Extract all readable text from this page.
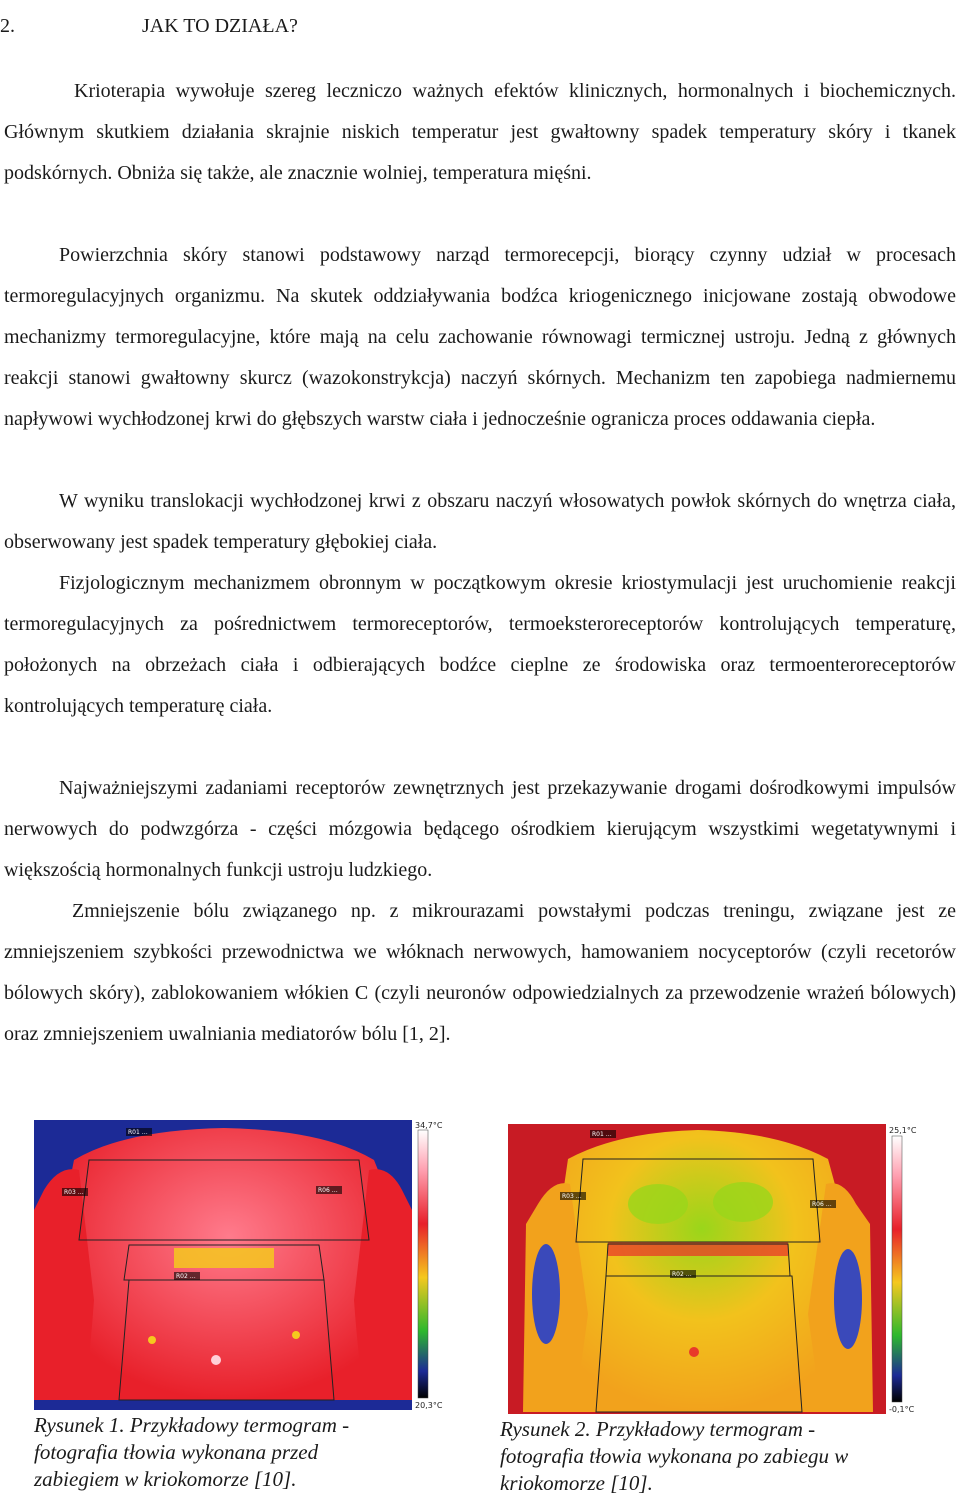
2.	JAK TO DZIAŁA?

Krioterapia wywołuje szereg leczniczo ważnych efektów klinicznych, hormonalnych i biochemicznych. Głównym skutkiem działania skrajnie niskich temperatur jest gwałtowny spadek temperatury skóry i tkanek podskórnych. Obniża się także, ale znacznie wolniej, temperatura mięśni.

Powierzchnia skóry stanowi podstawowy narząd termorecepcji, biorący czynny udział w procesach termoregulacyjnych organizmu. Na skutek oddziaływania bodźca kriogenicznego inicjowane zostają obwodowe mechanizmy termoregulacyjne, które mają na celu zachowanie równowagi termicznej ustroju. Jedną z głównych reakcji stanowi gwałtowny skurcz (wazokonstrykcja) naczyń skórnych. Mechanizm ten zapobiega nadmiernemu napływowi wychłodzonej krwi do głębszych warstw ciała i jednocześnie ogranicza proces oddawania ciepła.

W wyniku translokacji wychłodzonej krwi z obszaru naczyń włosowatych powłok skórnych do wnętrza ciała, obserwowany jest spadek temperatury głębokiej ciała.

Fizjologicznym mechanizmem obronnym w początkowym okresie kriostymulacji jest uruchomienie reakcji termoregulacyjnych za pośrednictwem termoreceptorów, termoeksteroreceptorów kontrolujących temperaturę, położonych na obrzeżach ciała i odbierających bodźce cieplne ze środowiska oraz termoenteroreceptorów kontrolujących temperaturę ciała.

Najważniejszymi zadaniami receptorów zewnętrznych jest przekazywanie drogami dośrodkowymi impulsów nerwowych do podwzgórza - części mózgowia będącego ośrodkiem kierującym wszystkimi wegetatywnymi i większością hormonalnych funkcji ustroju ludzkiego.

Zmniejszenie bólu związanego np. z mikrourazami powstałymi podczas treningu, związane jest ze zmniejszeniem szybkości przewodnictwa we włóknach nerwowych, hamowaniem nocyceptorów (czyli recetorów bólowych skóry), zablokowaniem włókien C (czyli neuronów odpowiedzialnych za przewodzenie wrażeń bólowych) oraz zmniejszeniem uwalniania mediatorów bólu [1, 2].

R01 …
R03 …	R06 …
R02 …
34,7°C
20,3°C

Rysunek 1. Przykładowy termogram -
fotografia tłowia wykonana przed
zabiegiem w kriokomorze [10].

R01 …
R03 …
R06 …
R02 …
25,1°C
-0,1°C

Rysunek 2. Przykładowy termogram -
fotografia tłowia wykonana po zabiegu w
kriokomorze [10].
